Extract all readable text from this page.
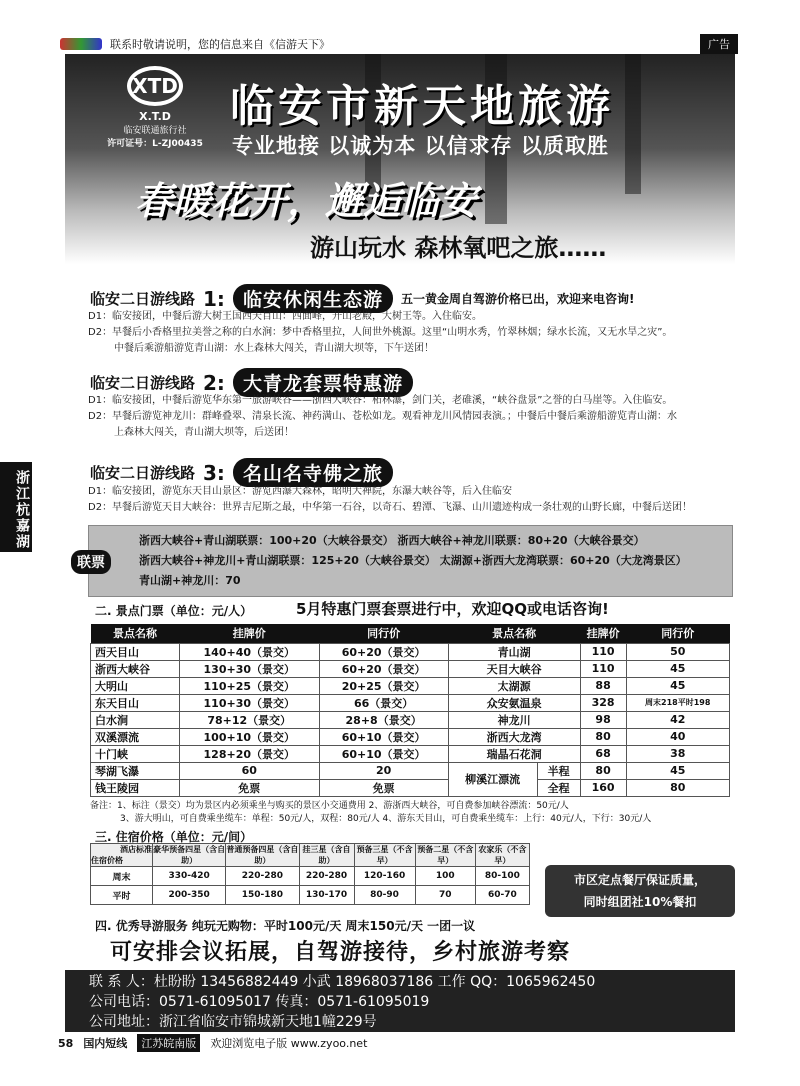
联系时敬请说明，您的信息来自《信游天下》	广告
浙江杭嘉湖
XTD
X.T.D
临安联通旅行社
许可证号：L-ZJ00435
临安市新天地旅游
专业地接 以诚为本 以信求存 以质取胜
春暖花开，邂逅临安
游山玩水 森林氧吧之旅……
临安二日游线路 1: 临安休闲生态游	五一黄金周自驾游价格已出，欢迎来电咨询!
D1：临安接团，中餐后游大树王国西天目山：四面峰，开山老殿，大树王等。入住临安。
D2：早餐后小香格里拉美誉之称的白水涧：梦中香格里拉，人间世外桃源。这里“山明水秀，竹翠林烟；绿水长流，又无水旱之灾”。
中餐后乘游船游览青山湖：水上森林大闯关，青山湖大坝等，下午送团！
临安二日游线路 2: 大青龙套票特惠游
D1：临安接团，中餐后游览华东第一旅游峡谷——浙西大峡谷：柘林瀑，剑门关，老碓溪，“峡谷盘景”之誉的白马崖等。入住临安。
D2：早餐后游览神龙川：群峰叠翠、清泉长流、神药满山、苍松如龙。观看神龙川风情园表演。；中餐后中餐后乘游船游览青山湖：水
上森林大闯关，青山湖大坝等，后送团！
临安二日游线路 3: 名山名寺佛之旅
D1：临安接团，游览东天目山景区：游览西瀑大森林，昭明大禅院，东瀑大峡谷等，后入住临安
D2：早餐后游览天目大峡谷：世界吉尼斯之最，中华第一石谷，以奇石、碧潭、飞瀑、山川遗迹构成一条壮观的山野长廊，中餐后送团！
联票
浙西大峡谷+青山湖联票：100+20（大峡谷景交） 浙西大峡谷+神龙川联票：80+20（大峡谷景交）
浙西大峡谷+神龙川+青山湖联票：125+20（大峡谷景交） 太湖源+浙西大龙湾联票：60+20（大龙湾景区）
青山湖+神龙川：70
二. 景点门票（单位：元/人）	5月特惠门票套票进行中，欢迎QQ或电话咨询!
景点名称	挂牌价	同行价	景点名称		挂牌价	同行价
西天目山	140+40（景交）	60+20（景交）	青山湖		110	50
浙西大峡谷	130+30（景交）	60+20（景交）	天目大峡谷		110	45
大明山	110+25（景交）	20+25（景交）	太湖源		88	45
东天目山	110+30（景交）	66（景交）	众安氨温泉		328	周末218平时198
白水涧	78+12（景交）	28+8（景交）	神龙川		98	42
双溪漂流	100+10（景交）	60+10（景交）	浙西大龙湾		80	40
十门峡	128+20（景交）	60+10（景交）	瑞晶石花洞		68	38
琴湖飞瀑	60	20	柳溪江漂流	半程	80	45
钱王陵园	免票	免票		全程	160	80
备注：1、标注（景交）均为景区内必须乘坐与购买的景区小交通费用 2、游浙西大峡谷，可自费参加峡谷漂流：50元/人
3、游大明山，可自费乘坐缆车：单程：50元/人，双程：80元/人 4、游东天目山，可自费乘坐缆车：上行：40元/人，下行：30元/人
三. 住宿价格（单位：元/间）
酒店标准
住宿价格	豪华预备四星（含自助）	普通预备四星（含自助）	挂三星（含自助）	预备三星（不含早）	预备二星（不含早）	农家乐（不含早）
周末	330-420	220-280	220-280	120-160	100	80-100
平时	200-350	150-180	130-170	80-90	70	60-70
市区定点餐厅保证质量，
同时组团社10%餐扣
四. 优秀导游服务 纯玩无购物：平时100元/天 周末150元/天 一团一议
可安排会议拓展，自驾游接待，乡村旅游考察
联 系 人：杜盼盼 13456882449 小武 18968037186 工作 QQ：1065962450
公司电话：0571-61095017 传真：0571-61095019
公司地址：浙江省临安市锦城新天地1幢229号
58 国内短线	江苏皖南版	欢迎浏览电子版 www.zyoo.net
